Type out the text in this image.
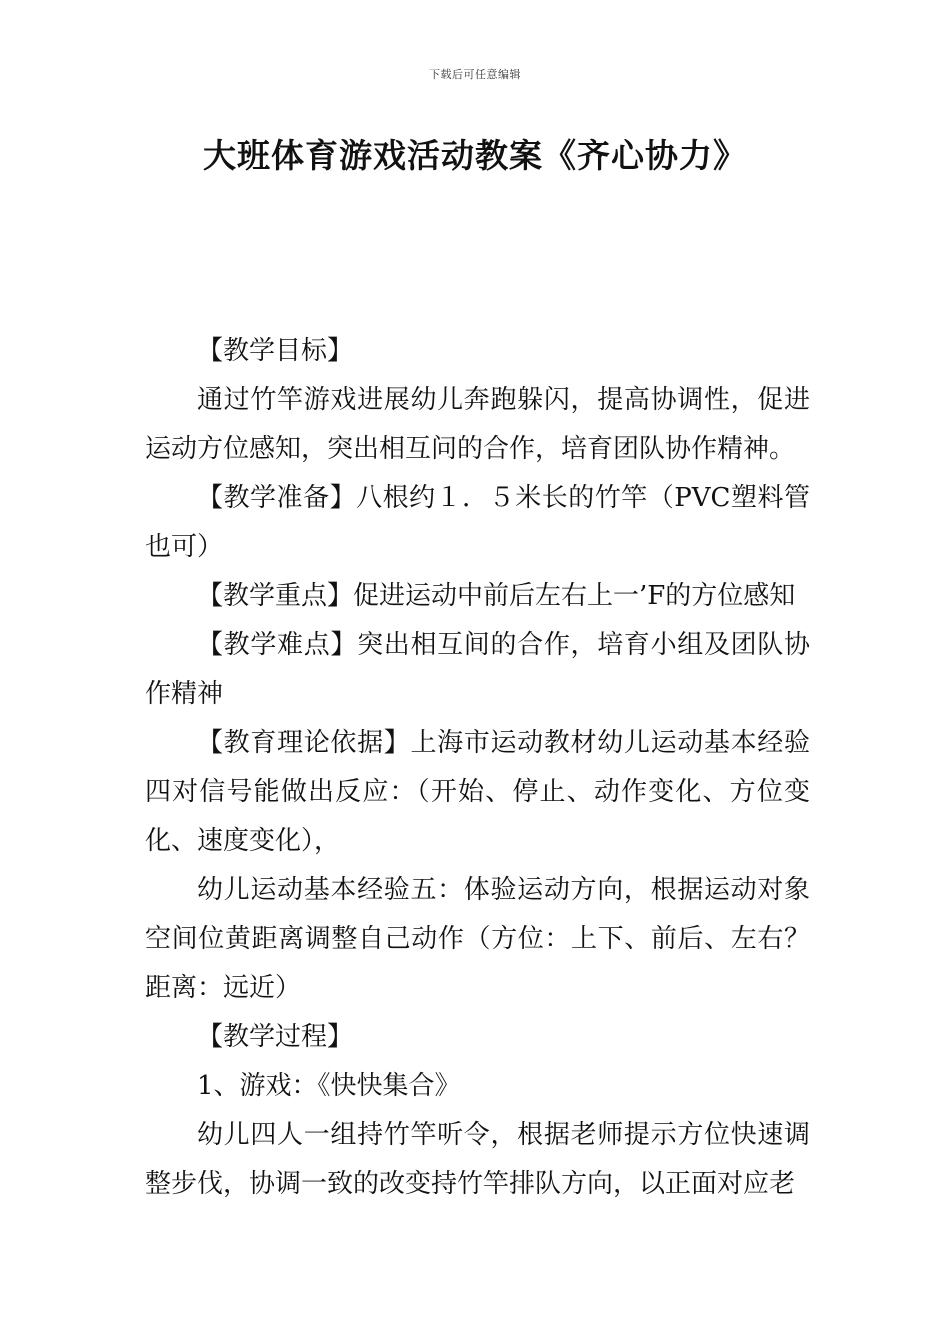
下载后可任意编辑
大班体育游戏活动教案《齐心协力》

【教学目标】

通过竹竿游戏进展幼儿奔跑躲闪，提高协调性，促进运动方位感知，突出相互问的合作，培育团队协作精神。

【教学准备】八根约１．５米长的竹竿（PVC塑料管也可）

【教学重点】促进运动中前后左右上一’F的方位感知

【教学难点】突出相互间的合作，培育小组及团队协作精神

【教育理论依据】上海市运动教材幼儿运动基本经验四对信号能做出反应：（开始、停止、动作变化、方位变化、速度变化），

幼儿运动基本经验五：体验运动方向，根据运动对象空间位黄距离调整自己动作（方位：上下、前后、左右？距离：远近）

【教学过程】

1、游戏：《快快集合》

幼儿四人一组持竹竿听令，根据老师提示方位快速调整步伐，协调一致的改变持竹竿排队方向，以正面对应老
